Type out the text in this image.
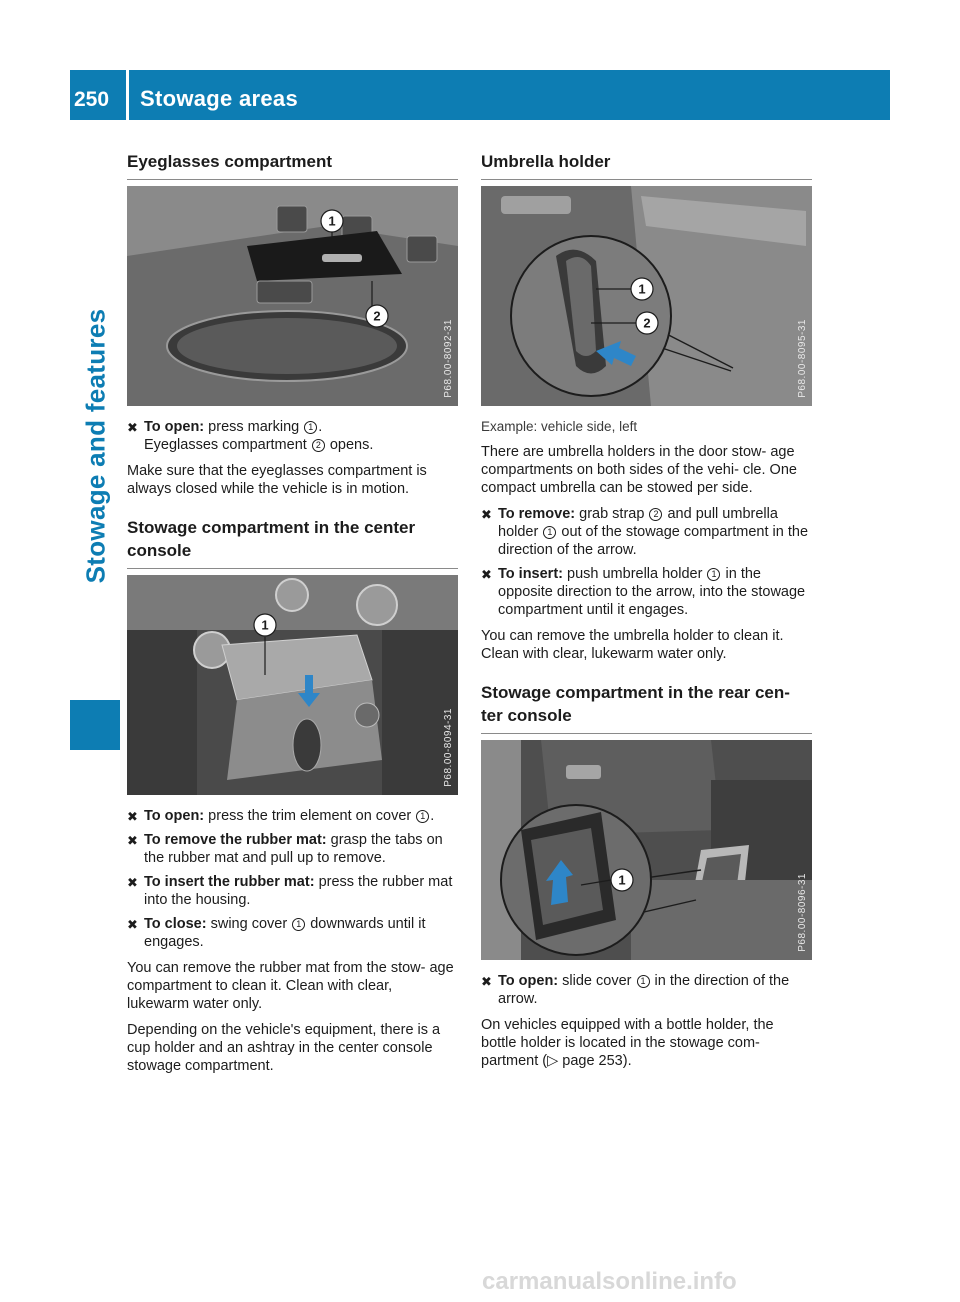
250 Stowage areas
Stowage and features
Eyeglasses compartment
1
2
P68.00-8092-31
✖ To open: press marking 1 .
Eyeglasses compartment 2 opens.

Make sure that the eyeglasses compartment is always closed while the vehicle is in motion.

Stowage compartment in the center console
1
P68.00-8094-31
✖ To open: press the trim element on cover 1 .
✖ To remove the rubber mat: grasp the tabs on the rubber mat and pull up to remove.
✖ To insert the rubber mat: press the rubber mat into the housing.
✖ To close: swing cover 1 downwards until it engages.

You can remove the rubber mat from the stow- age compartment to clean it. Clean with clear, lukewarm water only.

Depending on the vehicle's equipment, there is a cup holder and an ashtray in the center console stowage compartment.

Umbrella holder
1
2	P68.00-8095-31

Example: vehicle side, left

There are umbrella holders in the door stow- age compartments on both sides of the vehi- cle. One compact umbrella can be stowed per side.

✖ To remove: grab strap 2 and pull umbrella holder 1 out of the stowage compartment in the direction of the arrow.
✖ To insert: push umbrella holder 1 in the opposite direction to the arrow, into the stowage compartment until it engages.

You can remove the umbrella holder to clean it. Clean with clear, lukewarm water only.

Stowage compartment in the rear cen- ter console
1	P68.00-8096-31
✖ To open: slide cover 1 in the direction of the arrow.

On vehicles equipped with a bottle holder, the bottle holder is located in the stowage com- partment (▷ page 253).

carmanualsonline.info
